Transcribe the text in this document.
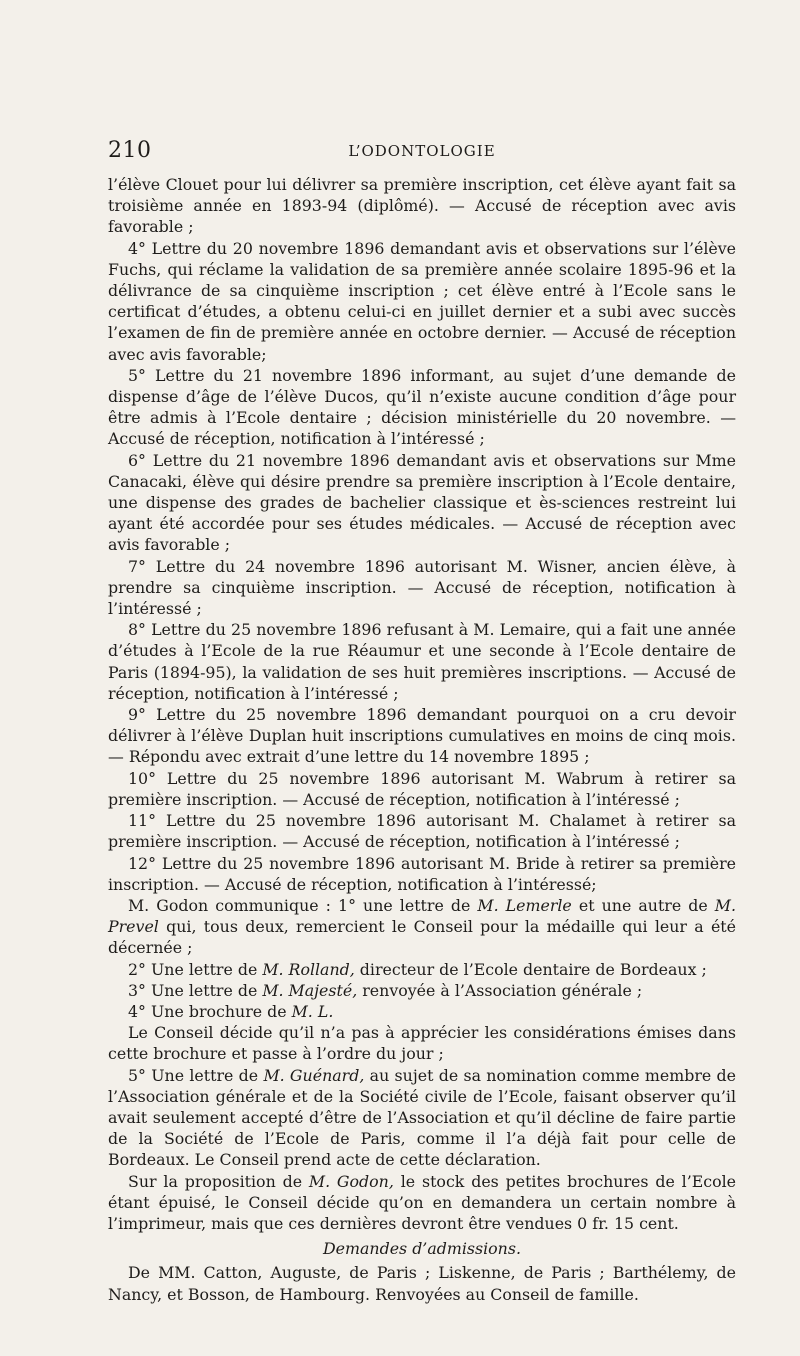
210	L’ODONTOLOGIE

l’élève Clouet pour lui délivrer sa première inscription, cet élève ayant fait sa troisième année en 1893-94 (diplômé). — Accusé de réception avec avis favorable ;

4° Lettre du 20 novembre 1896 demandant avis et observations sur l’élève Fuchs, qui réclame la validation de sa première année scolaire 1895-96 et la délivrance de sa cinquième inscription ; cet élève entré à l’Ecole sans le certificat d’études, a obtenu celui-ci en juillet dernier et a subi avec succès l’examen de fin de première année en octobre dernier. — Accusé de réception avec avis favorable;

5° Lettre du 21 novembre 1896 informant, au sujet d’une demande de dispense d’âge de l’élève Ducos, qu’il n’existe aucune condition d’âge pour être admis à l’Ecole dentaire ; décision ministérielle du 20 novembre. — Accusé de réception, notification à l’intéressé ;

6° Lettre du 21 novembre 1896 demandant avis et observations sur Mme Canacaki, élève qui désire prendre sa première inscription à l’Ecole dentaire, une dispense des grades de bachelier classique et ès-sciences restreint lui ayant été accordée pour ses études médicales. — Accusé de réception avec avis favorable ;

7° Lettre du 24 novembre 1896 autorisant M. Wisner, ancien élève, à prendre sa cinquième inscription. — Accusé de réception, notification à l’intéressé ;

8° Lettre du 25 novembre 1896 refusant à M. Lemaire, qui a fait une année d’études à l’Ecole de la rue Réaumur et une seconde à l’Ecole dentaire de Paris (1894-95), la validation de ses huit premières inscriptions. — Accusé de réception, notification à l’intéressé ;

9° Lettre du 25 novembre 1896 demandant pourquoi on a cru devoir délivrer à l’élève Duplan huit inscriptions cumulatives en moins de cinq mois. — Répondu avec extrait d’une lettre du 14 novembre 1895 ;

10° Lettre du 25 novembre 1896 autorisant M. Wabrum à retirer sa première inscription. — Accusé de réception, notification à l’intéressé ;

11° Lettre du 25 novembre 1896 autorisant M. Chalamet à retirer sa première inscription. — Accusé de réception, notification à l’intéressé ;

12° Lettre du 25 novembre 1896 autorisant M. Bride à retirer sa première inscription. — Accusé de réception, notification à l’intéressé;

M. Godon communique : 1° une lettre de M. Lemerle et une autre de M. Prevel qui, tous deux, remercient le Conseil pour la médaille qui leur a été décernée ;

2° Une lettre de M. Rolland, directeur de l’Ecole dentaire de Bordeaux ;

3° Une lettre de M. Majesté, renvoyée à l’Association générale ;

4° Une brochure de M. L.

Le Conseil décide qu’il n’a pas à apprécier les considérations émises dans cette brochure et passe à l’ordre du jour ;

5° Une lettre de M. Guénard, au sujet de sa nomination comme membre de l’Association générale et de la Société civile de l’Ecole, faisant observer qu’il avait seulement accepté d’être de l’Association et qu’il décline de faire partie de la Société de l’Ecole de Paris, comme il l’a déjà fait pour celle de Bordeaux. Le Conseil prend acte de cette déclaration.

Sur la proposition de M. Godon, le stock des petites brochures de l’Ecole étant épuisé, le Conseil décide qu’on en demandera un certain nombre à l’imprimeur, mais que ces dernières devront être vendues 0 fr. 15 cent.

Demandes d’admissions.

De MM. Catton, Auguste, de Paris ; Liskenne, de Paris ; Barthélemy, de Nancy, et Bosson, de Hambourg. Renvoyées au Conseil de famille.
